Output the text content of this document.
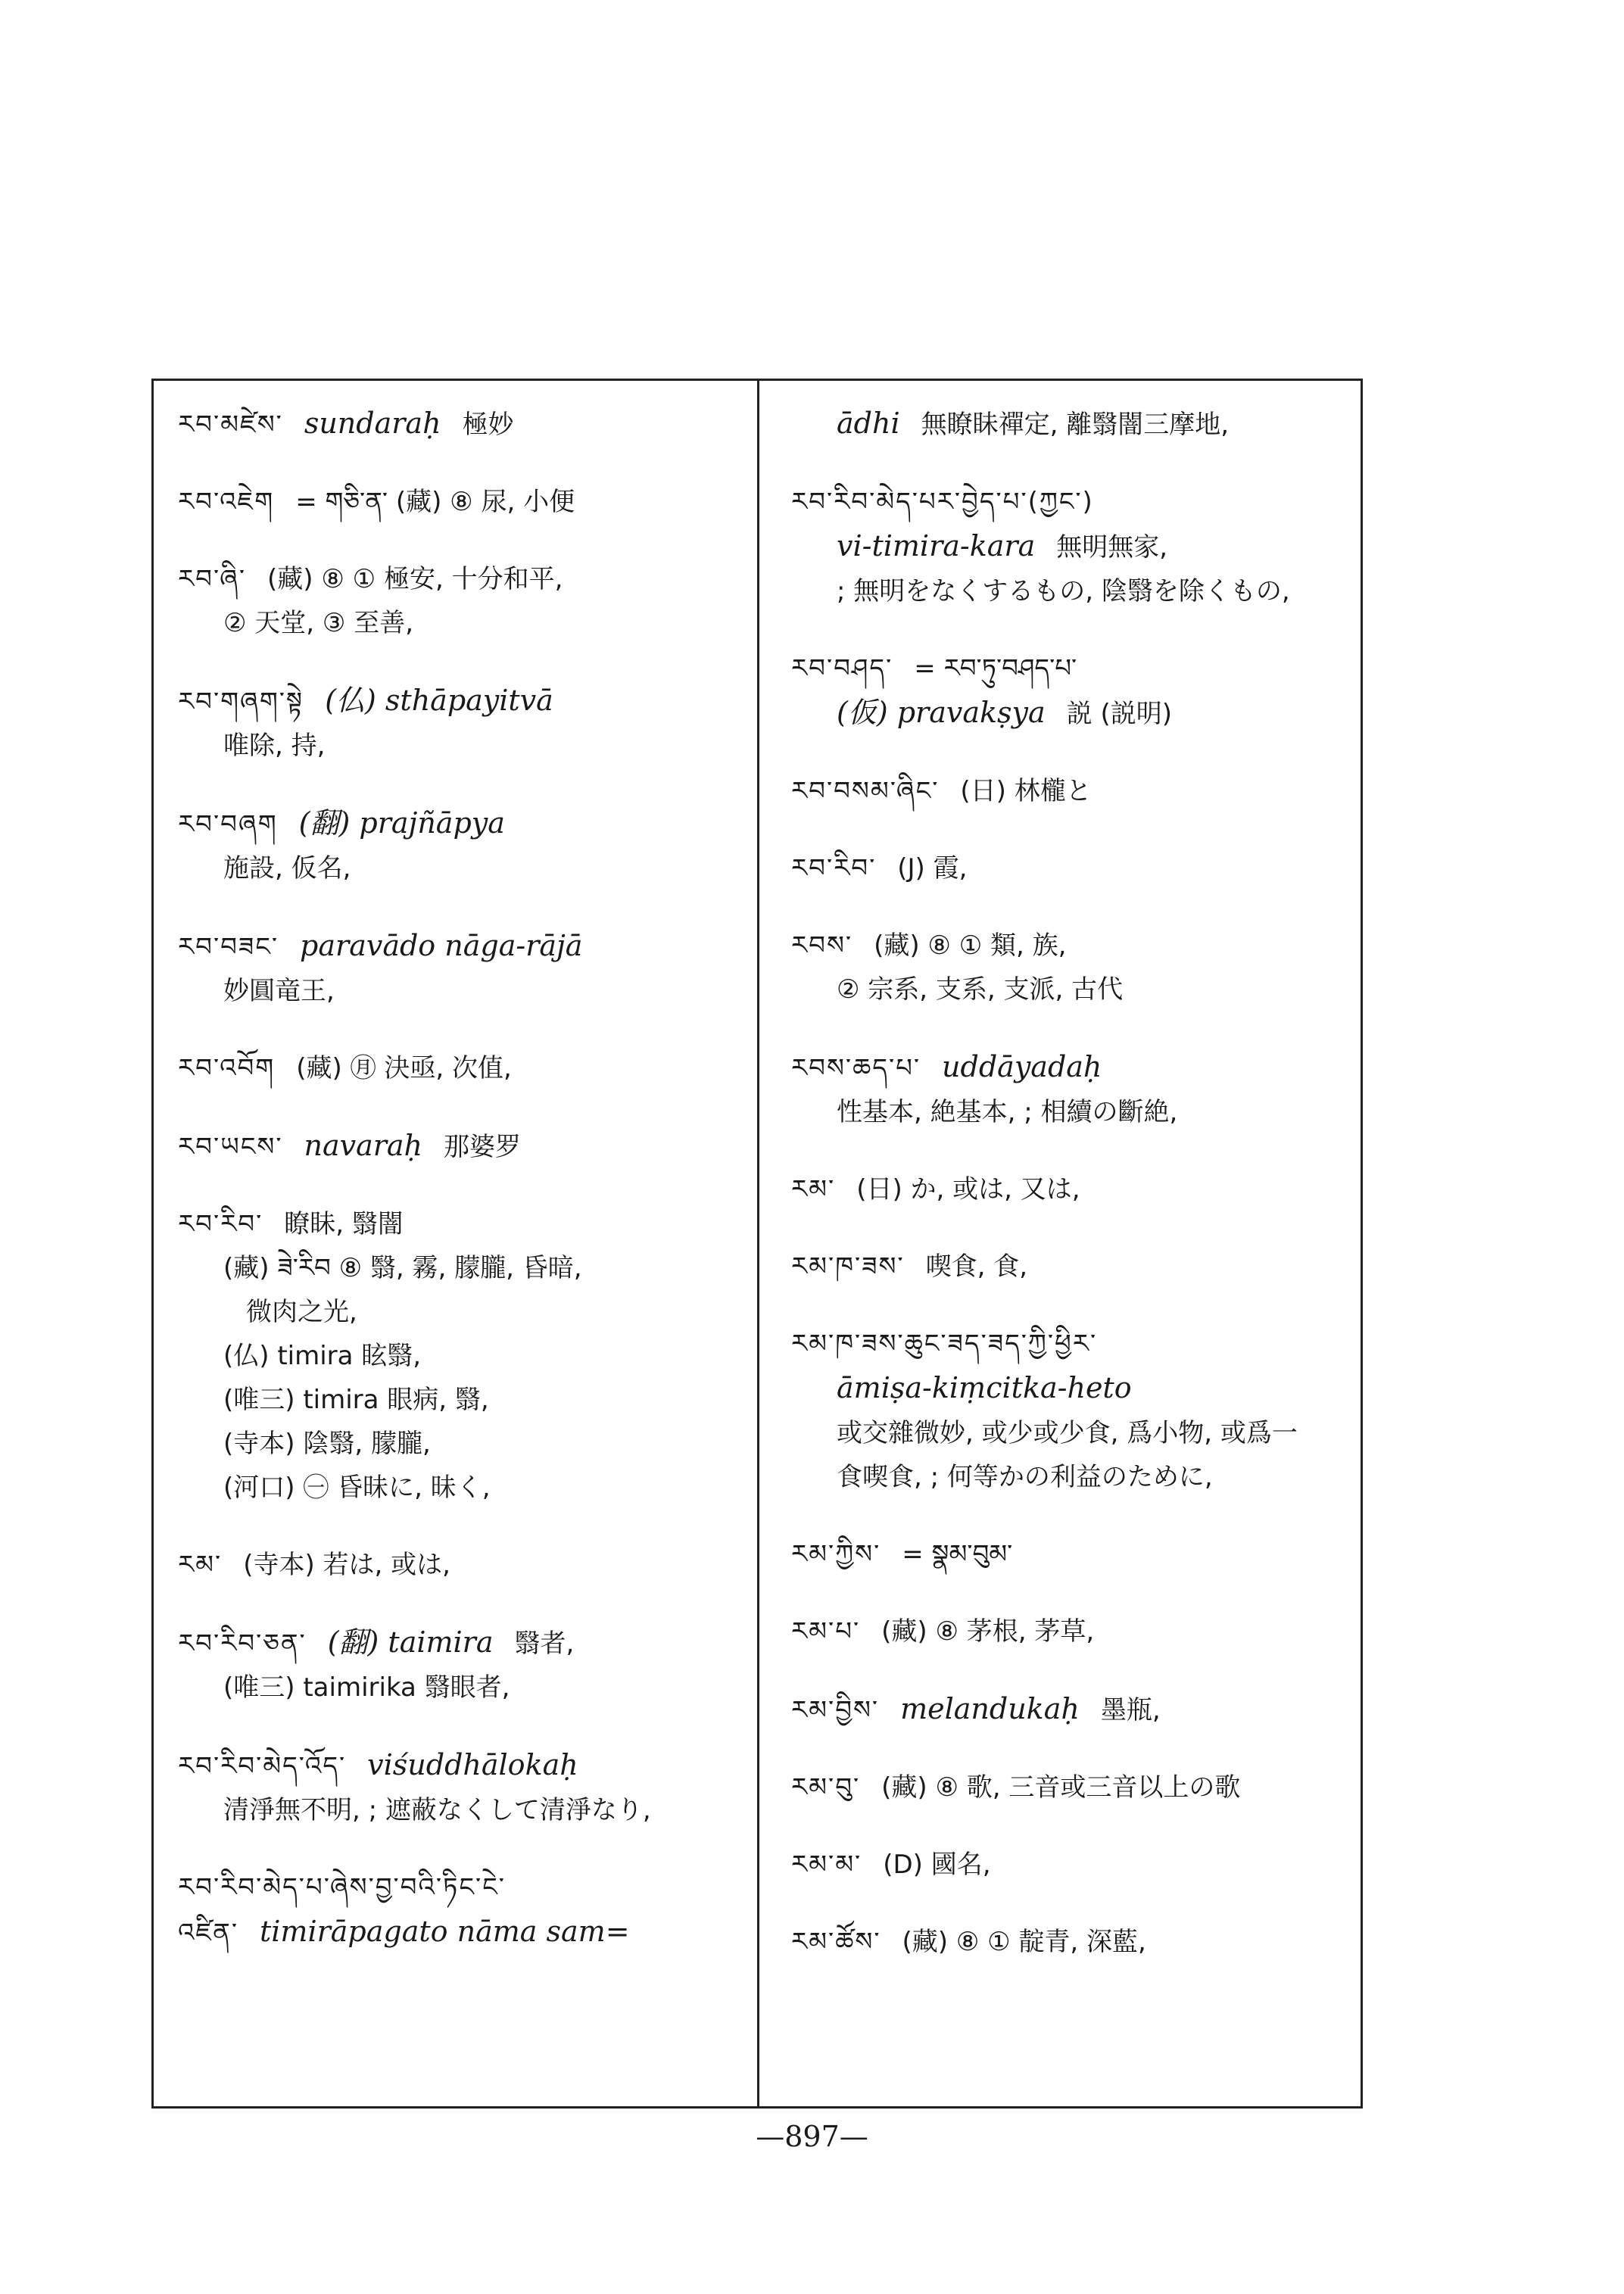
ཪབ་མཛེས་ sundaraḥ 極妙
ཪབ་འཇེག = གཅི་ན་ (藏) ⑧ 尿, 小便
ཪབ་ཞི་ (藏) ⑧ ① 極安, 十分和平,
② 天堂, ③ 至善,
ཪབ་གཞག་སྟེ (仏) sthāpayitvā
唯除, 持,
ཪབ་བཞག (翻) prajñāpya
施設, 仮名,
ཪབ་བཟང་ paravādo nāga-rājā
妙圓竜王,
ཪབ་འབོག (藏) ㊊ 決亟, 次值,
ཪབ་ཡངས་ navaraḥ 那婆罗
ཪབ་རིབ་ 瞭眛, 翳闇
(藏) ཟེ་རིབ ⑧ 翳, 霧, 朦朧, 昏暗,
微肉之光,
(仏) timira 眩翳,
(唯三) timira 眼病, 翳,
(寺本) 陰翳, 朦朧,
(河口) ㊀ 昏昧に, 昧く,
ཪམ་ (寺本) 若は, 或は,
ཪབ་རིབ་ཅན་ (翻) taimira 翳者,
(唯三) taimirika 翳眼者,
ཪབ་རིབ་མེད་འོད་ viśuddhālokaḥ
清淨無不明, ; 遮蔽なくして清淨なり,
ཪབ་རིབ་མེད་པ་ཞེས་བྱ་བའི་ཏིང་ངེ་
འཛིན་ timirāpagato nāma sam=
ādhi 無瞭眛禪定, 離翳闇三摩地,
ཪབ་རིབ་མེད་པར་བྱེད་པ་(ཀྱང་)
vi-timira-kara 無明無家,
; 無明をなくするもの, 陰翳を除くもの,
ཪབ་བཤད་ = ཪབ་ཏུ་བཤད་པ་
(仮) pravakṣya 説 (説明)
ཪབ་བསམ་ཞིང་ (日) 林櫳と
ཪབ་རིབ་ (J) 霞,
ཪབས་ (藏) ⑧ ① 類, 族,
② 宗系, 支系, 支派, 古代
ཪབས་ཆད་པ་ uddāyadaḥ
性基本, 絶基本, ; 相續の斷絶,
ཪམ་ (日) か, 或は, 又は,
ཪམ་ཁ་ཟས་ 喫食, 食,
ཪམ་ཁ་ཟས་ཆུང་ཟད་ཟད་ཀྱི་ཕྱིར་
āmiṣa-kiṃcitka-heto
或交雜微妙, 或少或少食, 爲小物, 或爲一
食喫食, ; 何等かの利益のために,
ཪམ་ཀྱིས་ = སྣམ་བུམ་
ཪམ་པ་ (藏) ⑧ 茅根, 茅草,
ཪམ་བྱིས་ melandukaḥ 墨瓶,
ཪམ་བུ་ (藏) ⑧ 歌, 三音或三音以上の歌
ཪམ་མ་ (D) 國名,
ཪམ་ཚོས་ (藏) ⑧ ① 靛青, 深藍,
—897—
